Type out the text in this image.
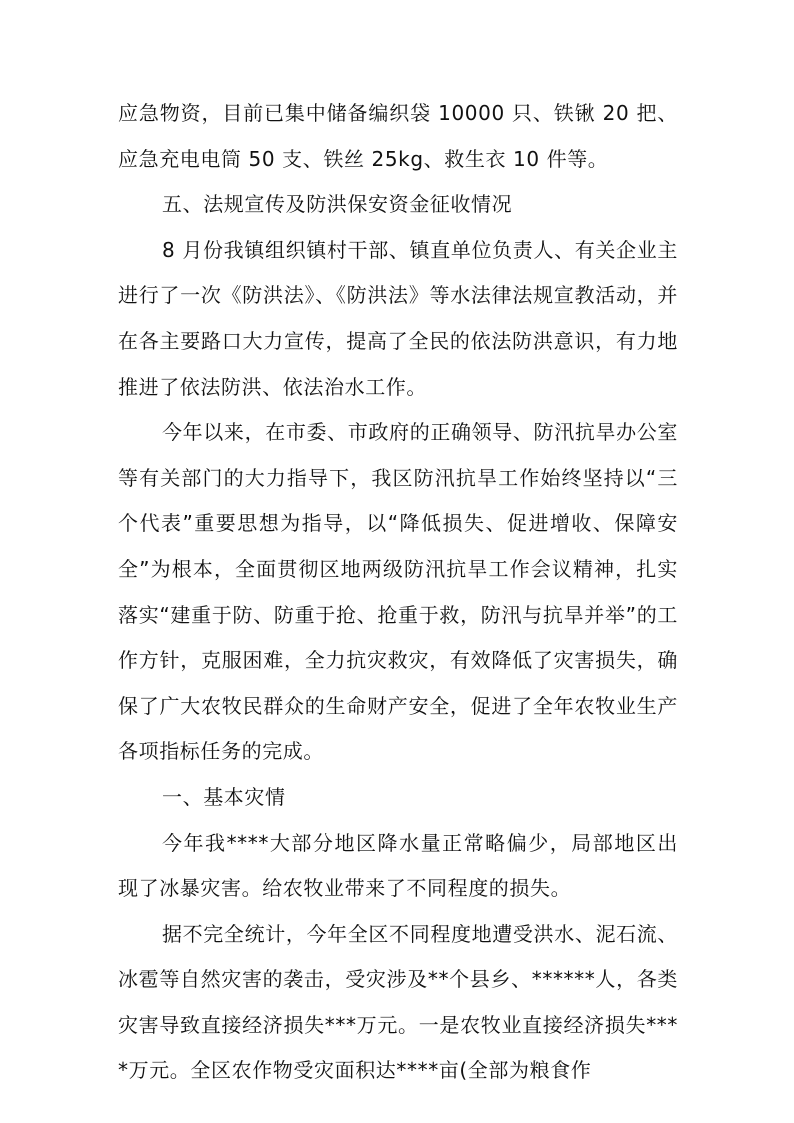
应急物资，目前已集中储备编织袋 10000 只、铁锹 20 把、应急充电电筒 50 支、铁丝 25kg、救生衣 10 件等。

五、法规宣传及防洪保安资金征收情况

8 月份我镇组织镇村干部、镇直单位负责人、有关企业主进行了一次《防洪法》、《防洪法》等水法律法规宣教活动，并在各主要路口大力宣传，提高了全民的依法防洪意识，有力地推进了依法防洪、依法治水工作。

今年以来，在市委、市政府的正确领导、防汛抗旱办公室等有关部门的大力指导下，我区防汛抗旱工作始终坚持以“三个代表”重要思想为指导，以“降低损失、促进增收、保障安全”为根本，全面贯彻区地两级防汛抗旱工作会议精神，扎实落实“建重于防、防重于抢、抢重于救，防汛与抗旱并举”的工作方针，克服困难，全力抗灾救灾，有效降低了灾害损失，确保了广大农牧民群众的生命财产安全，促进了全年农牧业生产各项指标任务的完成。

一、基本灾情

今年我****大部分地区降水量正常略偏少，局部地区出现了冰暴灾害。给农牧业带来了不同程度的损失。

据不完全统计，今年全区不同程度地遭受洪水、泥石流、冰雹等自然灾害的袭击，受灾涉及**个县乡、******人，各类灾害导致直接经济损失***万元。一是农牧业直接经济损失****万元。全区农作物受灾面积达****亩(全部为粮食作
